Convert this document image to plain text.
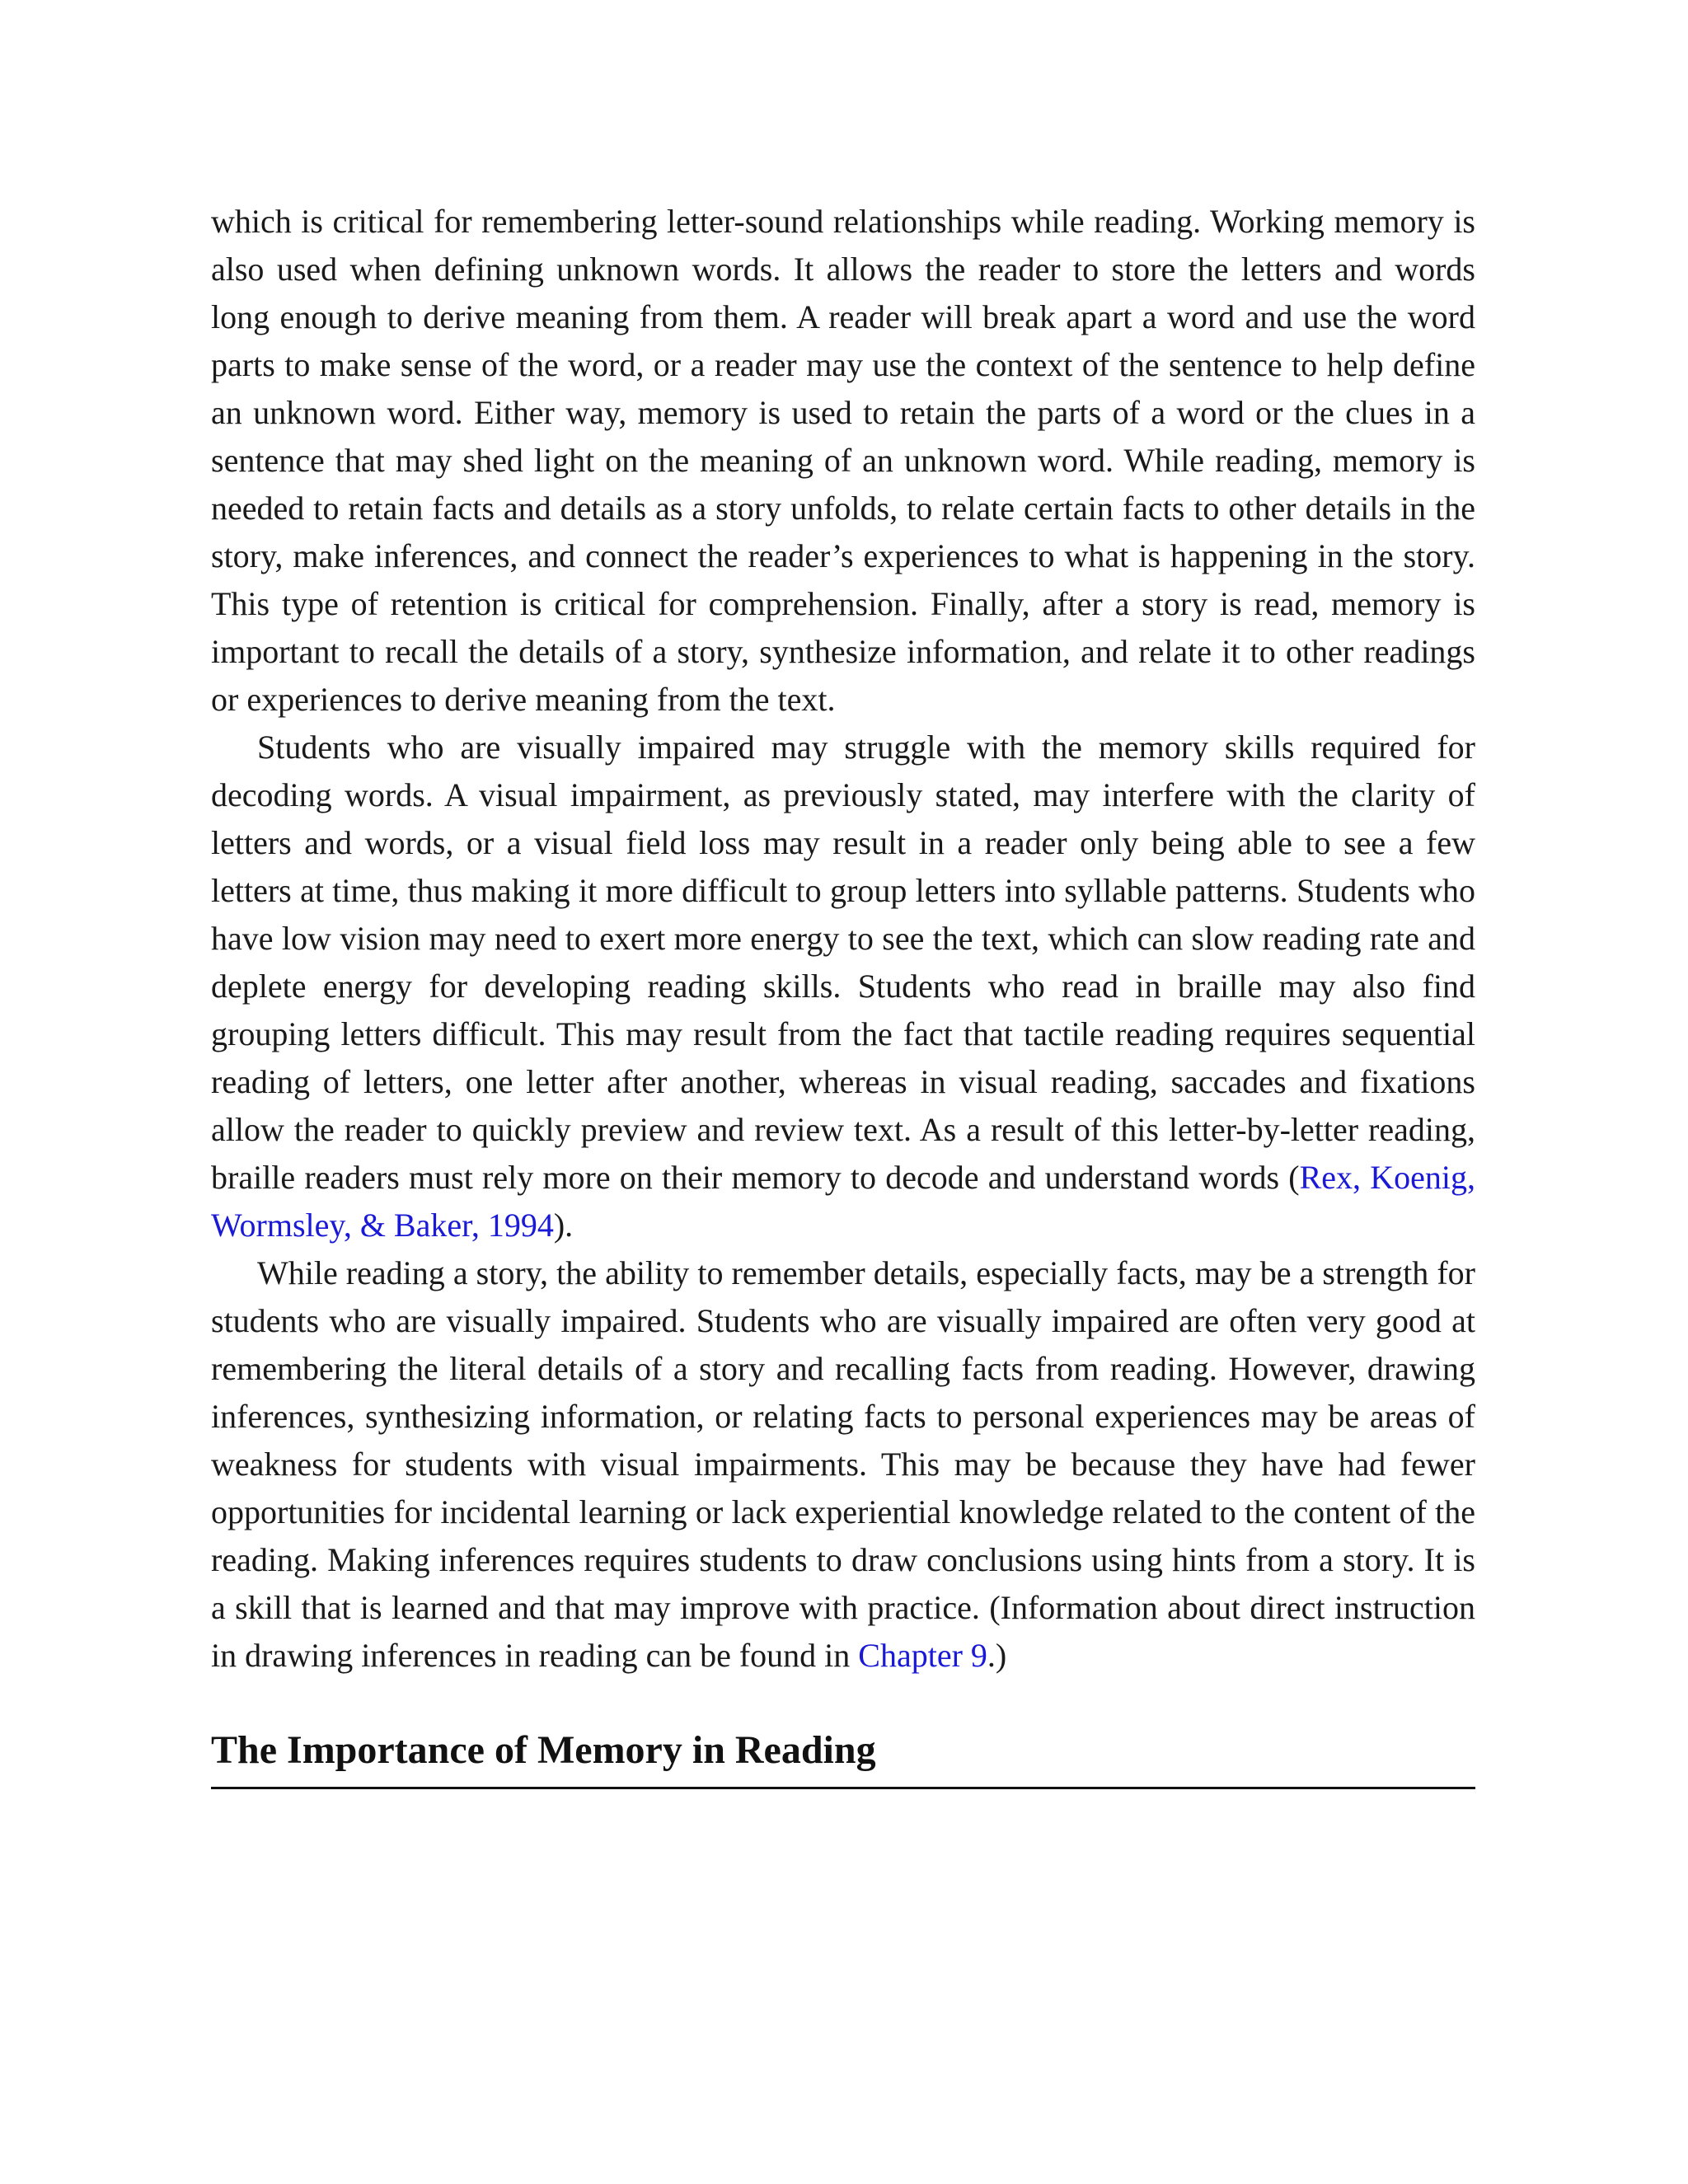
which is critical for remembering letter-sound relationships while reading. Working memory is also used when defining unknown words. It allows the reader to store the letters and words long enough to derive meaning from them. A reader will break apart a word and use the word parts to make sense of the word, or a reader may use the context of the sentence to help define an unknown word. Either way, memory is used to retain the parts of a word or the clues in a sentence that may shed light on the meaning of an unknown word. While reading, memory is needed to retain facts and details as a story unfolds, to relate certain facts to other details in the story, make inferences, and connect the reader’s experiences to what is happening in the story. This type of retention is critical for comprehension. Finally, after a story is read, memory is important to recall the details of a story, synthesize information, and relate it to other readings or experiences to derive meaning from the text.

Students who are visually impaired may struggle with the memory skills required for decoding words. A visual impairment, as previously stated, may interfere with the clarity of letters and words, or a visual field loss may result in a reader only being able to see a few letters at time, thus making it more difficult to group letters into syllable patterns. Students who have low vision may need to exert more energy to see the text, which can slow reading rate and deplete energy for developing reading skills. Students who read in braille may also find grouping letters difficult. This may result from the fact that tactile reading requires sequential reading of letters, one letter after another, whereas in visual reading, saccades and fixations allow the reader to quickly preview and review text. As a result of this letter-by-letter reading, braille readers must rely more on their memory to decode and understand words (Rex, Koenig, Wormsley, & Baker, 1994).

While reading a story, the ability to remember details, especially facts, may be a strength for students who are visually impaired. Students who are visually impaired are often very good at remembering the literal details of a story and recalling facts from reading. However, drawing inferences, synthesizing information, or relating facts to personal experiences may be areas of weakness for students with visual impairments. This may be because they have had fewer opportunities for incidental learning or lack experiential knowledge related to the content of the reading. Making inferences requires students to draw conclusions using hints from a story. It is a skill that is learned and that may improve with practice. (Information about direct instruction in drawing inferences in reading can be found in Chapter 9.)

The Importance of Memory in Reading
